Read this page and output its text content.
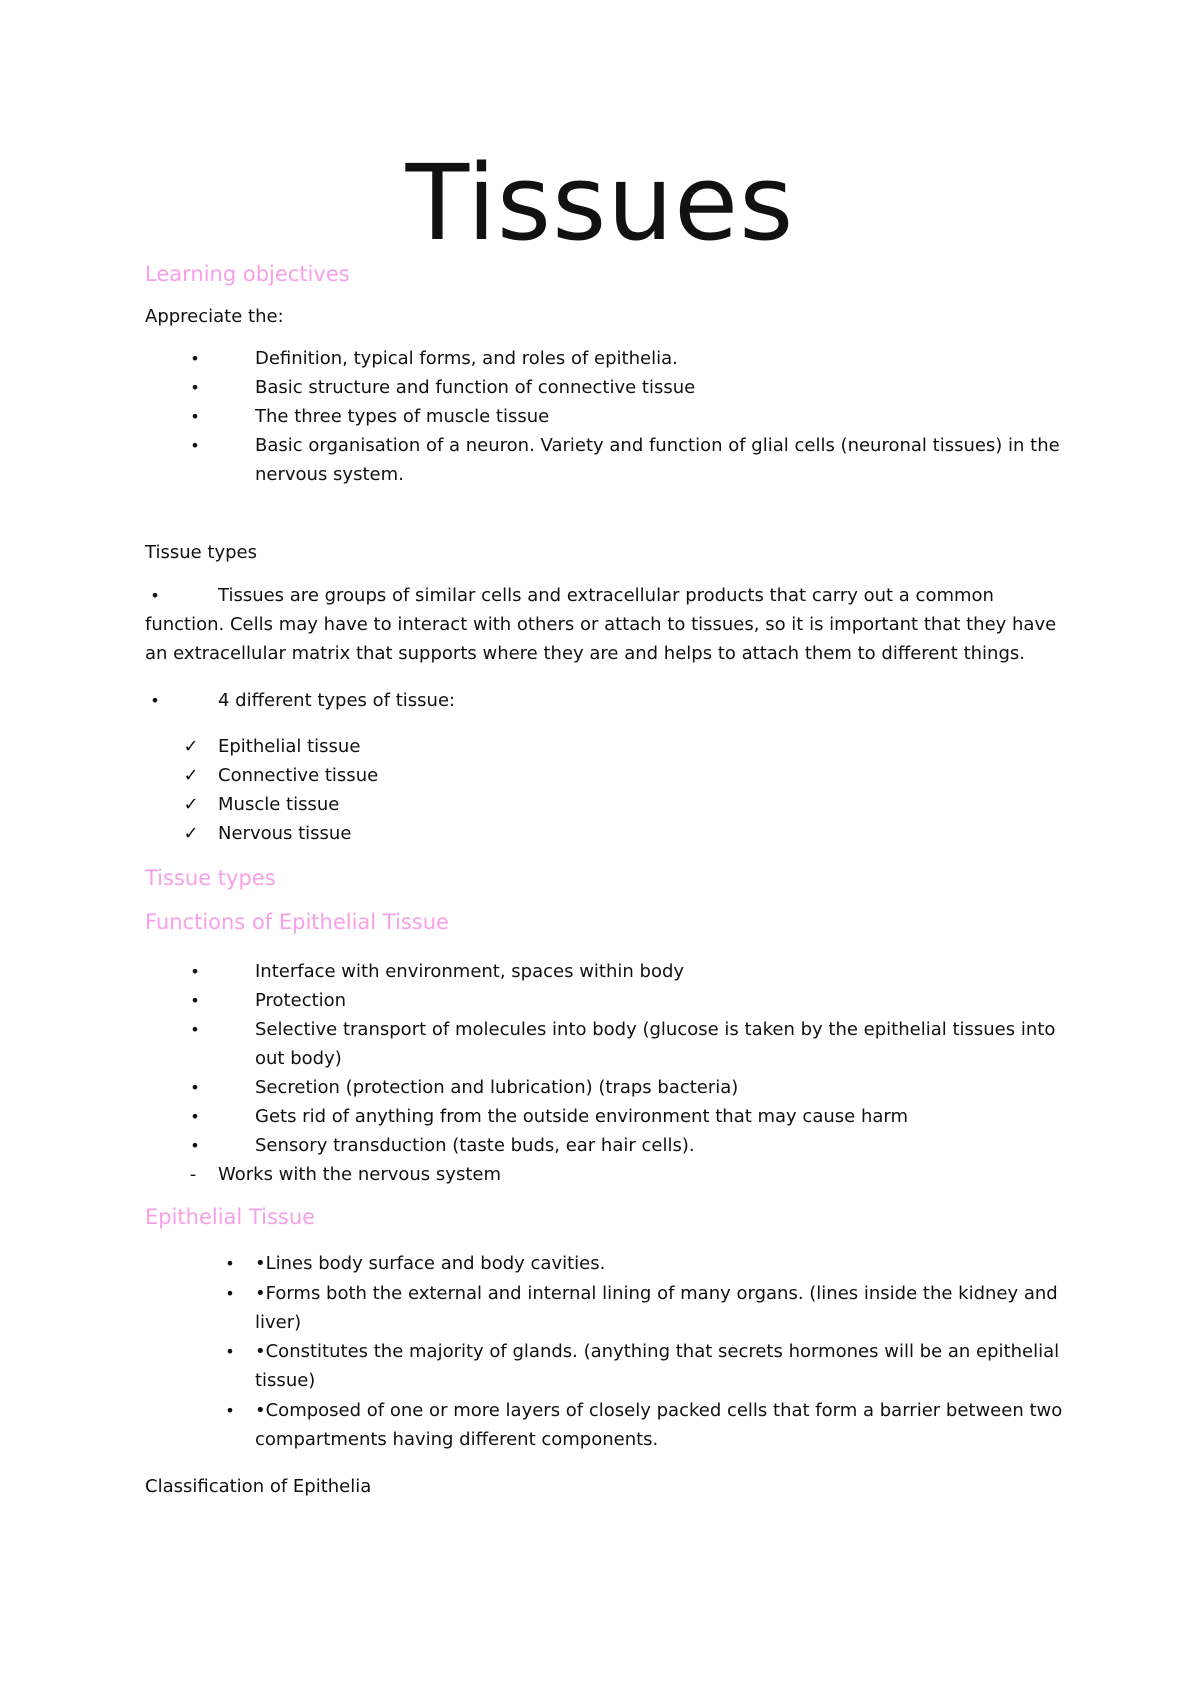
Tissues
Learning objectives

Appreciate the:

•	Definition, typical forms, and roles of epithelia.
•	Basic structure and function of connective tissue
•	The three types of muscle tissue
•	Basic organisation of a neuron. Variety and function of glial cells (neuronal tissues) in the nervous system.

Tissue types

•	Tissues are groups of similar cells and extracellular products that carry out a common
function. Cells may have to interact with others or attach to tissues, so it is important that they have an extracellular matrix that supports where they are and helps to attach them to different things.
•	4 different types of tissue:
✓	Epithelial tissue
✓	Connective tissue
✓	Muscle tissue
✓	Nervous tissue
Tissue types
Functions of Epithelial Tissue
•	Interface with environment, spaces within body
•	Protection
•	Selective transport of molecules into body (glucose is taken by the epithelial tissues into out body)
•	Secretion (protection and lubrication) (traps bacteria)
•	Gets rid of anything from the outside environment that may cause harm
•	Sensory transduction (taste buds, ear hair cells).
-	Works with the nervous system
Epithelial Tissue
•	•Lines body surface and body cavities.
•	•Forms both the external and internal lining of many organs. (lines inside the kidney and liver)
•	•Constitutes the majority of glands. (anything that secrets hormones will be an epithelial tissue)
•	•Composed of one or more layers of closely packed cells that form a barrier between two compartments having different components.

Classification of Epithelia
